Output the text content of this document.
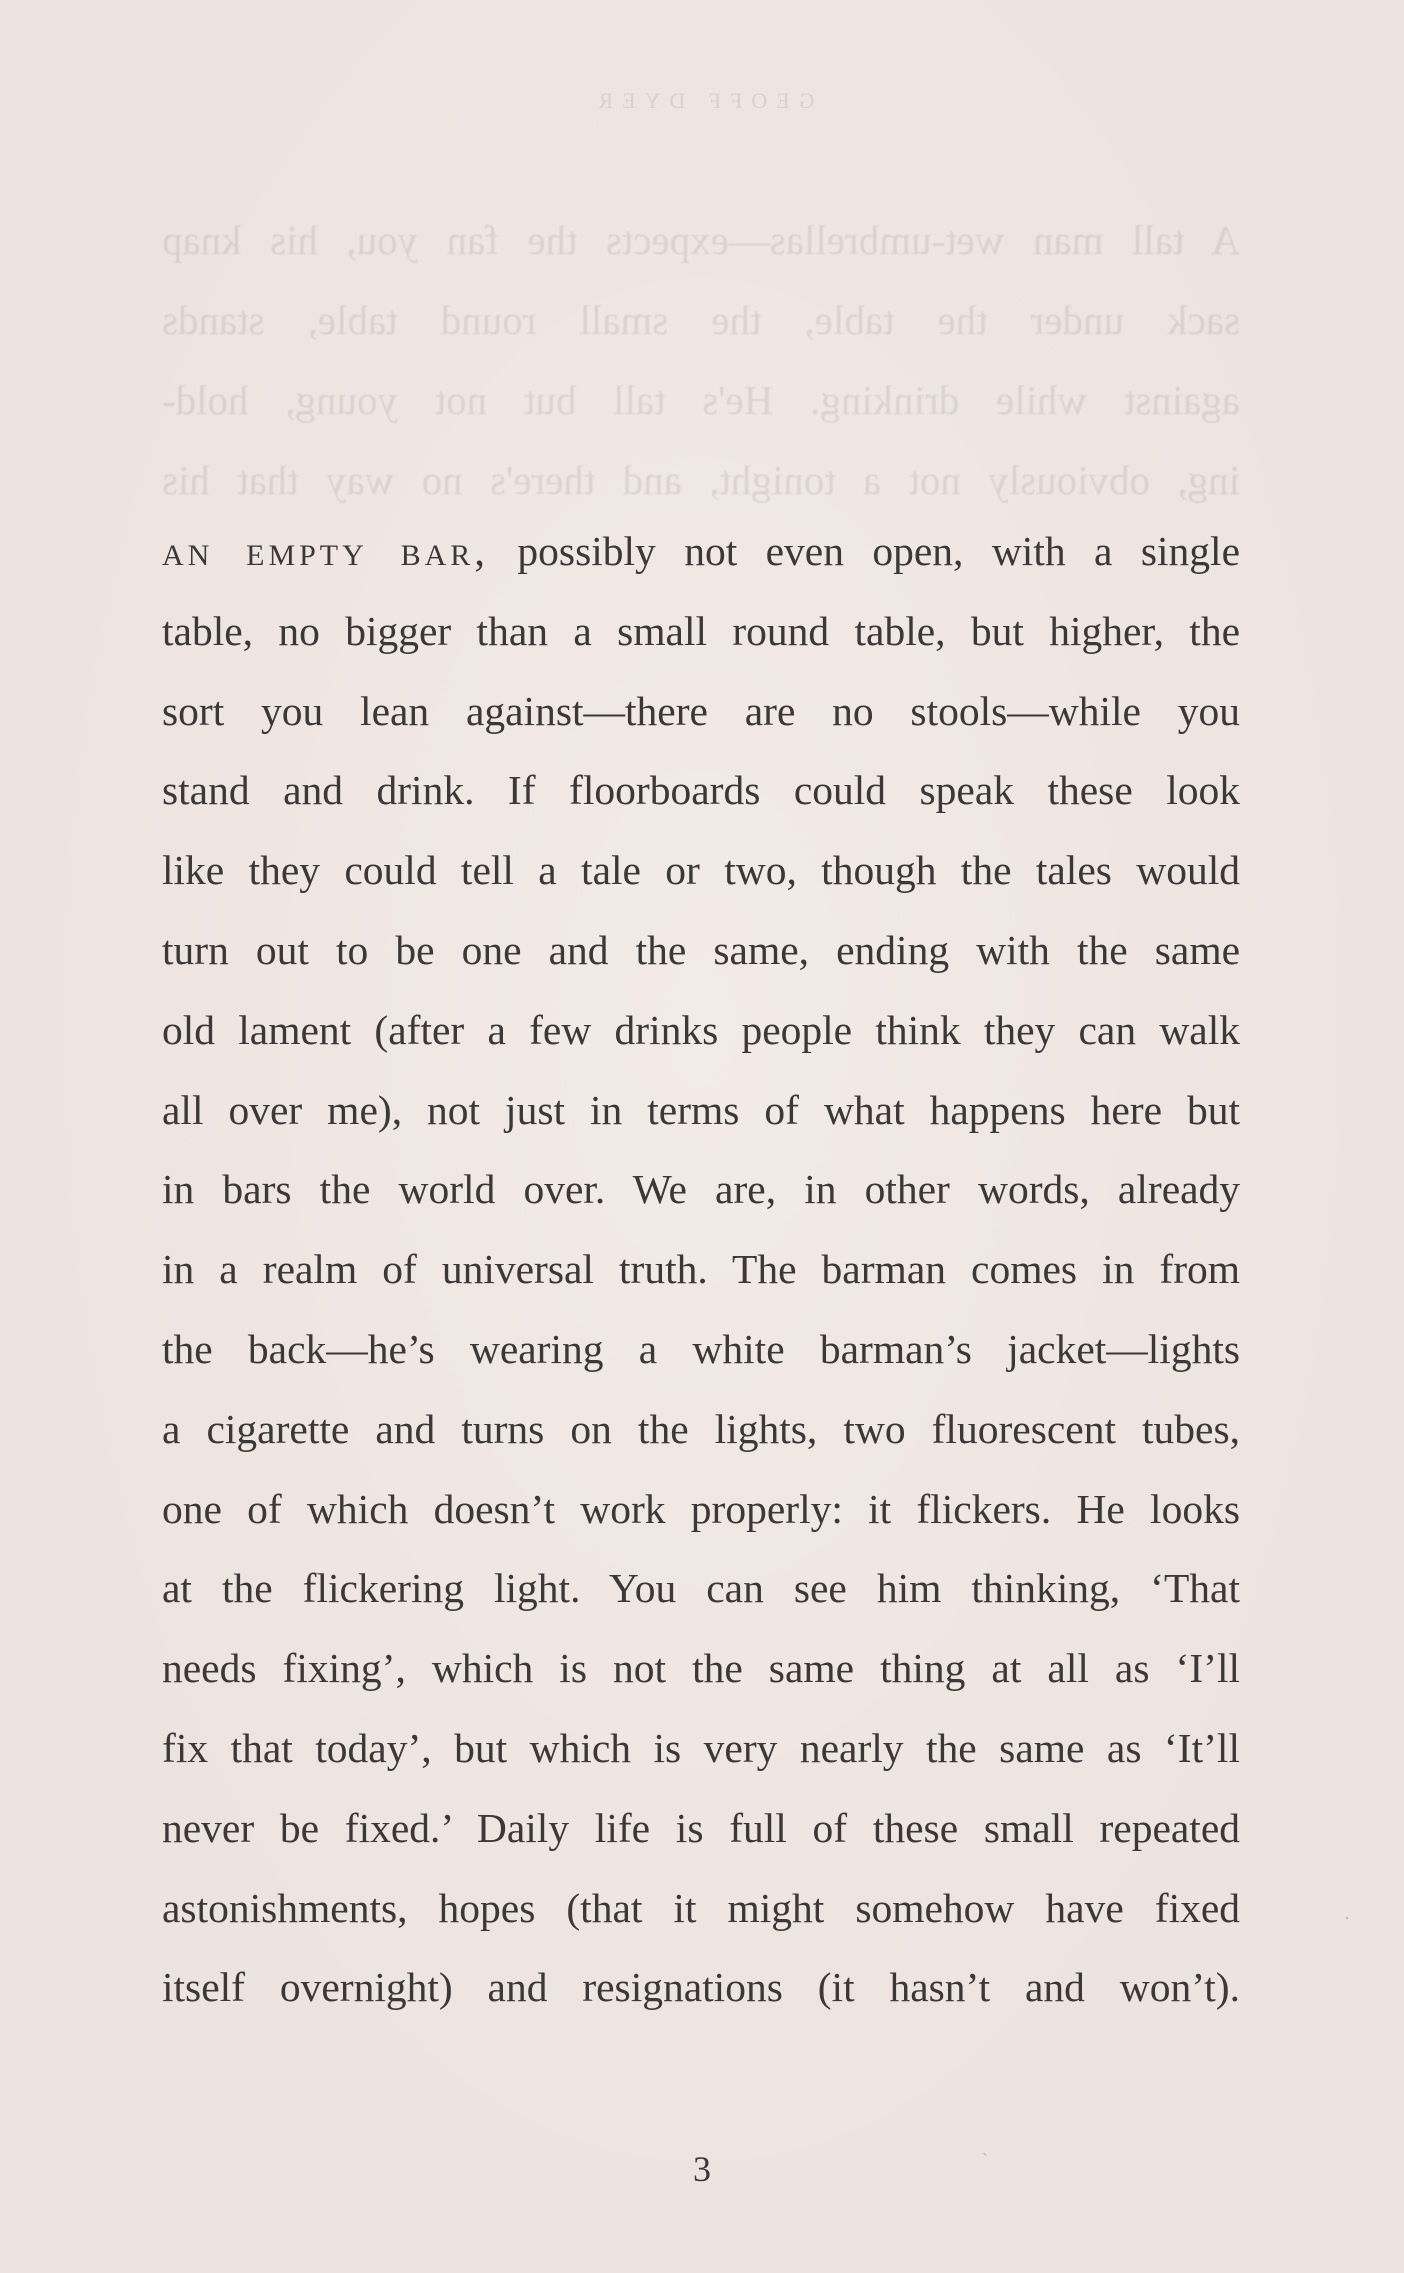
GEOFF DYER
A tall man wet-umbrellas—expects the fan you, his knap
sack under the table, the small round table, stands
against while drinking. He's tall but not young, hold-
ing, obviously not a tonight, and there's no way that his
an empty bar, possibly not even open, with a single
table, no bigger than a small round table, but higher, the
sort you lean against—there are no stools—while you
stand and drink. If floorboards could speak these look
like they could tell a tale or two, though the tales would
turn out to be one and the same, ending with the same
old lament (after a few drinks people think they can walk
all over me), not just in terms of what happens here but
in bars the world over. We are, in other words, already
in a realm of universal truth. The barman comes in from
the back—he’s wearing a white barman’s jacket—lights
a cigarette and turns on the lights, two fluorescent tubes,
one of which doesn’t work properly: it flickers. He looks
at the flickering light. You can see him thinking, ‘That
needs fixing’, which is not the same thing at all as ‘I’ll
fix that today’, but which is very nearly the same as ‘It’ll
never be fixed.’ Daily life is full of these small repeated
astonishments, hopes (that it might somehow have fixed
itself overnight) and resignations (it hasn’t and won’t).
3
·
ˋ
